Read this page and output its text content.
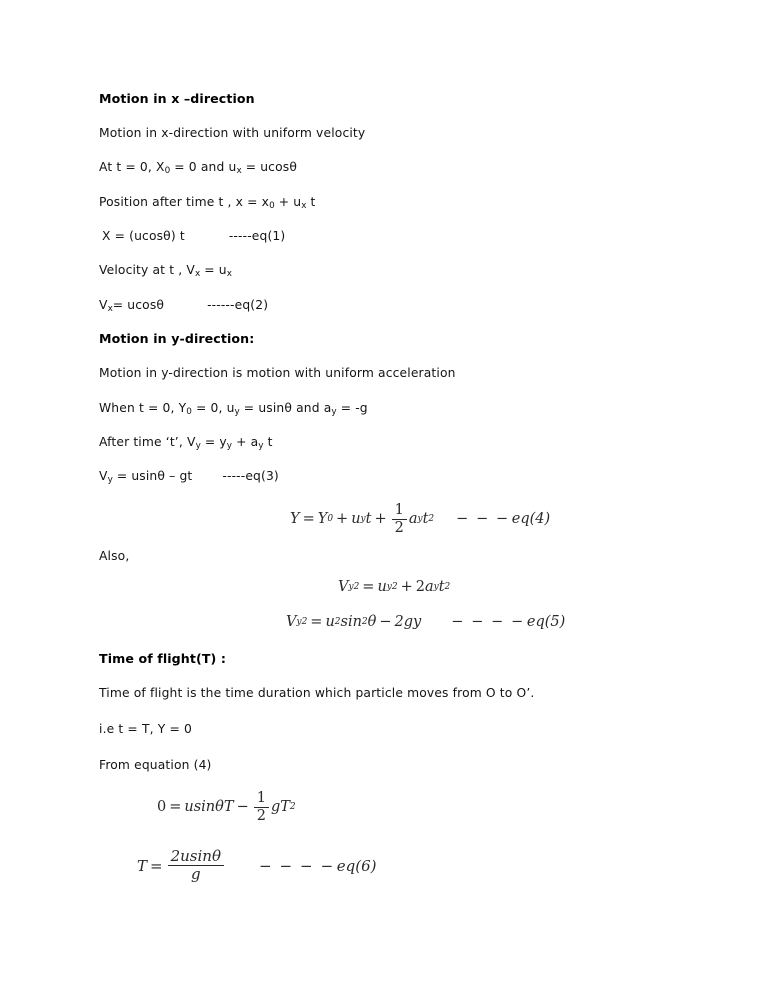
Motion in x –direction
Motion in x-direction with uniform velocity
At t = 0, $X_0 = 0$ and $u_x = ucos\theta$
Position after time t , $x = x_0 + u_x$ t
X = (ucosθ) t	-----eq(1)
Velocity at t , $V_x = u_x$
$V_x= ucos\theta$	------eq(2)
Motion in y-direction:
Motion in y-direction is motion with uniform acceleration
When t = 0, $Y_0 = 0$, $u_y = usin\theta$ and $a_y = -g$
After time ‘t’, $V_y = y_y + a_y$ t
$V_y = usin\theta$ – gt -----eq(3)
Y = Y 0 + u y $t + \frac{1}{2}$ a y t 2 − − − eq(4)
Also,
V y 2 = u y 2 + 2 a y t 2
V y 2 = u 2 sin 2 θ − 2gy − − − − eq(5)
Time of flight(T) :
Time of flight is the time duration which particle moves from O to O’.
i.e t = T, Y = 0
From equation (4)
$0 = usin\theta T - \frac{1}{2}$ g T 2
$T = \frac{2usin\theta}{g}$ − − − − eq(6)
